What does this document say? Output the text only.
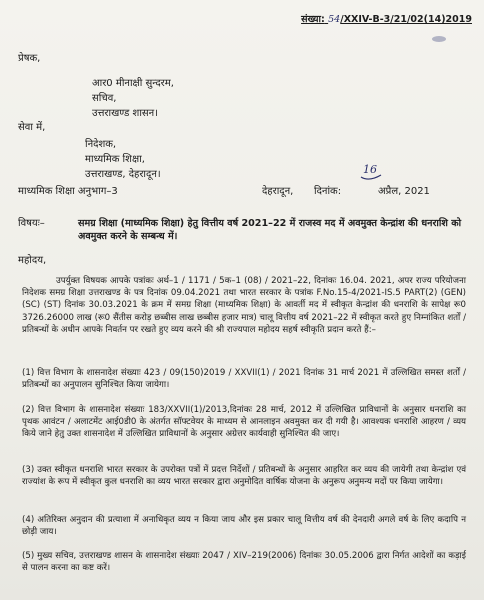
संख्या: 54/XXIV-B-3/21/02(14)2019
प्रेषक,
आर0 मीनाक्षी सुन्दरम,
सचिव,
उत्तराखण्ड शासन।
सेवा में,
निदेशक,
माध्यमिक शिक्षा,
उत्तराखण्ड, देहरादून।	16
माध्यमिक शिक्षा अनुभाग–3	देहरादून, दिनांक:	अप्रैल, 2021
विषयः–	समग्र शिक्षा (माध्यमिक शिक्षा) हेतु वित्तीय वर्ष 2021–22 में राजस्व मद में अवमुक्त केन्द्रांश की धनराशि को अवमुक्त करने के सम्बन्ध में।
महोदय,
उपर्युक्त विषयक आपके पत्रांकः अर्थ–1 / 1171 / 5क–1 (08) / 2021–22, दिनांकः 16.04. 2021, अपर राज्य परियोजना निदेशक समग्र शिक्षा उत्तराखण्ड के पत्र दिनांक 09.04.2021 तथा भारत सरकार के पत्रांक F.No.15-4/2021-IS.5 PART(2) (GEN) (SC) (ST) दिनांक 30.03.2021 के क्रम में समग्र शिक्षा (माध्यमिक शिक्षा) के आवर्ती मद में स्वीकृत केन्द्रांश की धनराशि के सापेक्ष रू0 3726.26000 लाख (रू0 सैंतीस करोड़ छब्बीस लाख छब्बीस हजार मात्र) चालू वित्तीय वर्ष 2021–22 में स्वीकृत करते हुए निम्नांकित शर्तों / प्रतिबन्धों के अधीन आपके निवर्तन पर रखते हुए व्यय करने की श्री राज्यपाल महोदय सहर्ष स्वीकृति प्रदान करते हैं:–
(1) वित्त विभाग के शासनादेश संख्याः 423 / 09(150)2019 / XXVII(1) / 2021 दिनांक 31 मार्च 2021 में उल्लिखित समस्त शर्तों / प्रतिबन्धों का अनुपालन सुनिश्चित किया जायेगा।
(2) वित्त विभाग के शासनादेश संख्याः 183/XXVII(1)/2013,दिनांकः 28 मार्च, 2012 में उल्लिखित प्राविधानों के अनुसार धनराशि का पृथक आवंटन / अलाटमेंट आई0डी0 के अंतर्गत सॉफ्टवेयर के माध्यम से आनलाइन अवमुक्त कर दी गयी है। आवश्यक धनराशि आहरण / व्यय किये जाने हेतु उक्त शासनादेश में उल्लिखित प्राविधानों के अनुसार अग्रेत्तर कार्यवाही सुनिश्चित की जाए।
(3) उक्त स्वीकृत धनराशि भारत सरकार के उपरोक्त पत्रों में प्रदत्त निर्देशों / प्रतिबन्धों के अनुसार आहरित कर व्यय की जायेगी तथा केन्द्रांश एवं राज्यांश के रूप में स्वीकृत कुल धनराशि का व्यय भारत सरकार द्वारा अनुमोदित वार्षिक योजना के अनुरूप अनुमन्य मदों पर किया जायेगा।
(4) अतिरिक्त अनुदान की प्रत्याशा में अनाधिकृत व्यय न किया जाय और इस प्रकार चालू वित्तीय वर्ष की देनदारी अगले वर्ष के लिए कदापि न छोड़ी जाय।
(5) मुख्य सचिव, उत्तराखण्ड शासन के शासनादेश संख्याः 2047 / XIV–219(2006) दिनांकः 30.05.2006 द्वारा निर्गत आदेशों का कड़ाई से पालन करना का कष्ट करें।
